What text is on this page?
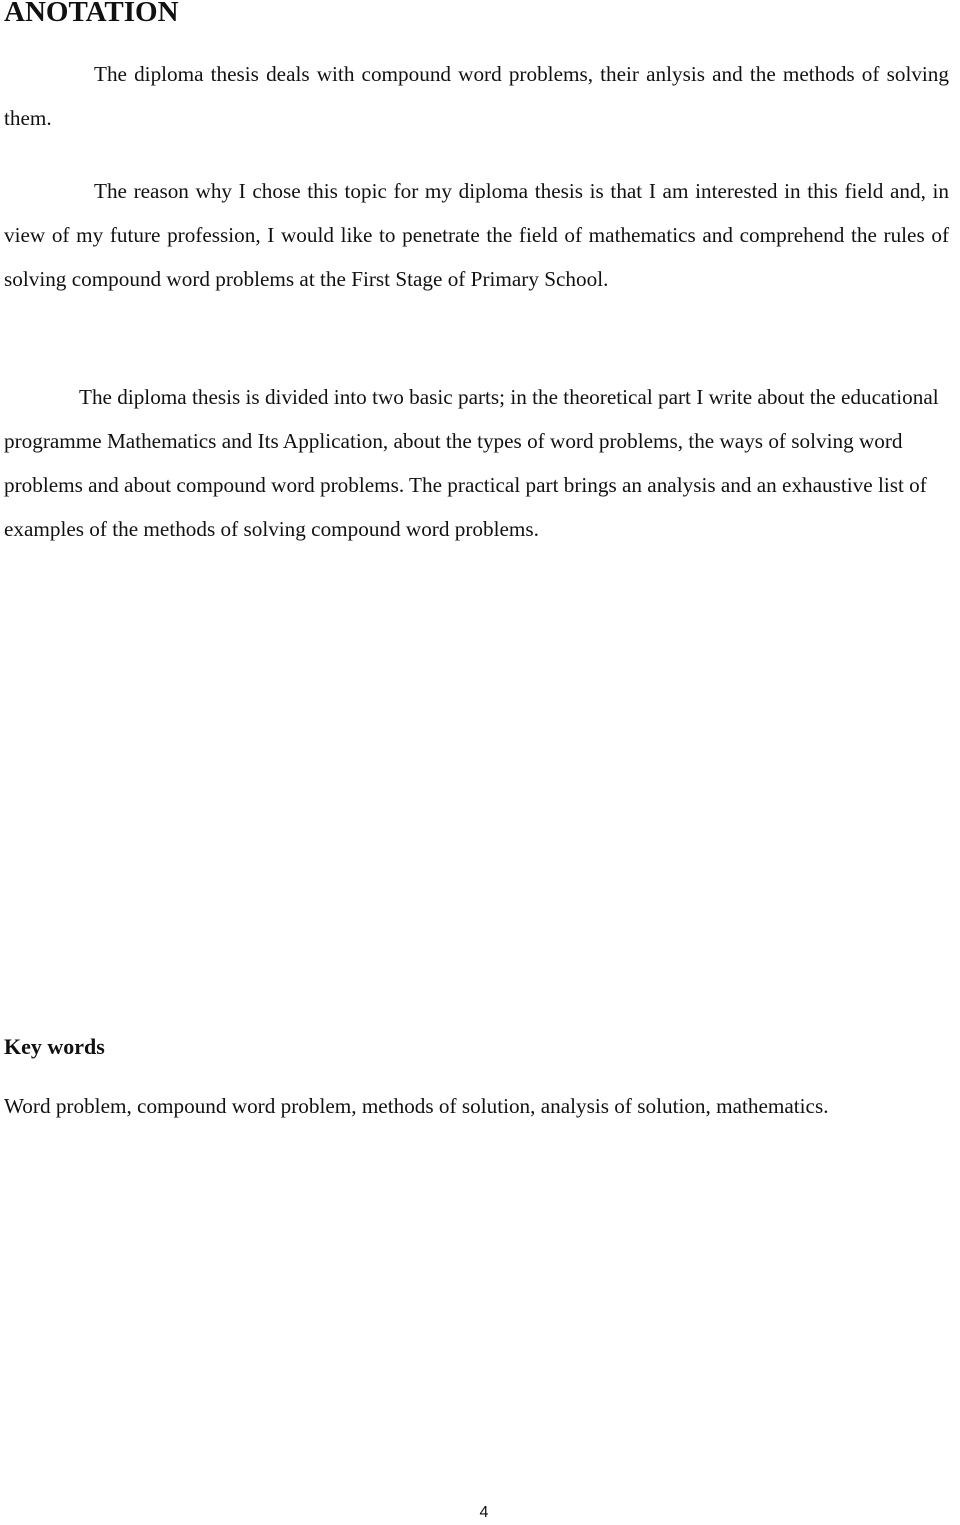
ANOTATION

The diploma thesis deals with compound word problems, their anlysis and the methods of solving them.

The reason why I chose this topic for my diploma thesis is that I am interested in this field and, in view of my future profession, I would like to penetrate the field of mathematics and comprehend the rules of solving compound word problems at the First Stage of Primary School.

The diploma thesis is divided into two basic parts; in the theoretical part I write about the educational programme Mathematics and Its Application, about the types of word problems, the ways of solving word problems and about compound word problems. The practical part brings an analysis and an exhaustive list of examples of the methods of solving compound word problems.

Key words

Word problem, compound word problem, methods of solution, analysis of solution, mathematics.

4
